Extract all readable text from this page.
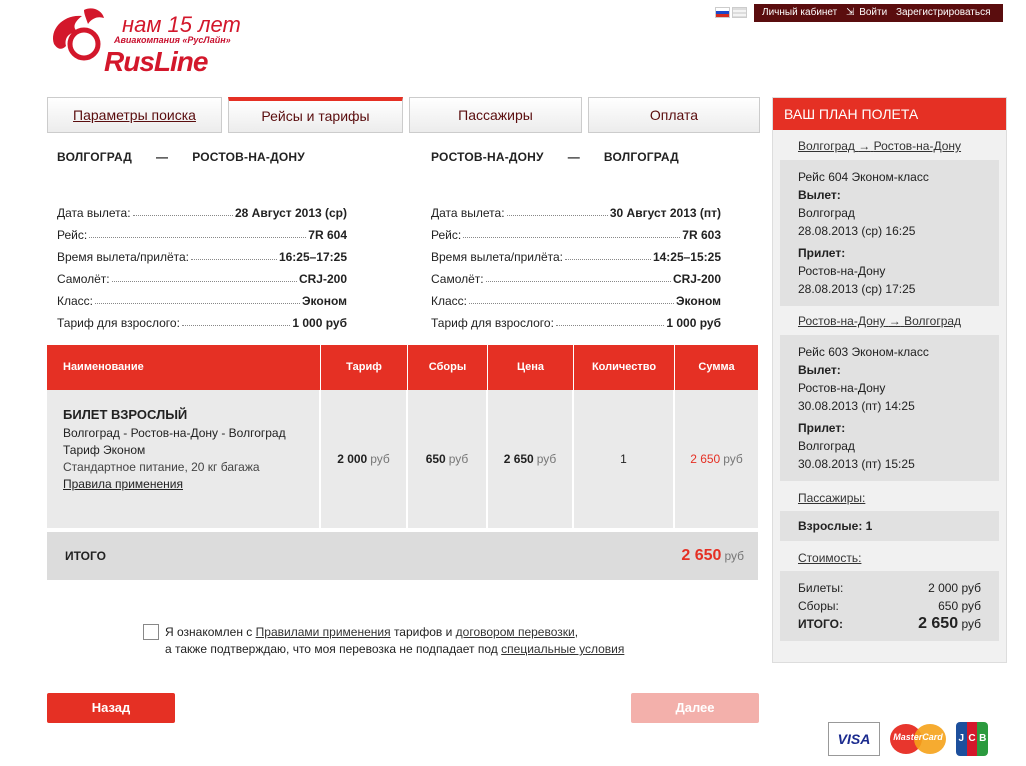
нам 15 лет
Авиакомпания «РусЛайн»
RusLine
Личный кабинет ⇲ Войти Зарегистрироваться
Параметры поиска	Рейсы и тарифы	Пассажиры	Оплата
ВОЛГОГРАД — РОСТОВ-НА-ДОНУ
Дата вылета:	28 Август 2013 (ср)
Рейс:	7R 604
Время вылета/прилёта:	16:25–17:25
Самолёт:	CRJ-200
Класс:	Эконом
Тариф для взрослого:	1 000 руб
РОСТОВ-НА-ДОНУ — ВОЛГОГРАД
Дата вылета:	30 Август 2013 (пт)
Рейс:	7R 603
Время вылета/прилёта:	14:25–15:25
Самолёт:	CRJ-200
Класс:	Эконом
Тариф для взрослого:	1 000 руб
Наименование	Тариф	Сборы	Цена	Количество	Сумма
БИЛЕТ ВЗРОСЛЫЙ
Волгоград - Ростов-на-Дону - Волгоград
Тариф Эконом
Стандартное питание, 20 кг багажа
Правила применения
2 000 руб	650 руб	2 650 руб	1	2 650 руб
ИТОГО	2 650 руб
Я ознакомлен с Правилами применения тарифов и договором перевозки,
а также подтверждаю, что моя перевозка не подпадает под специальные условия
Назад	Далее
ВАШ ПЛАН ПОЛЕТА
Волгоград → Ростов-на-Дону
Рейс 604 Эконом-класс
Вылет:
Волгоград
28.08.2013 (ср) 16:25
Прилет:
Ростов-на-Дону
28.08.2013 (ср) 17:25
Ростов-на-Дону → Волгоград
Рейс 603 Эконом-класс
Вылет:
Ростов-на-Дону
30.08.2013 (пт) 14:25
Прилет:
Волгоград
30.08.2013 (пт) 15:25
Пассажиры:
Взрослые: 1
Стоимость:
Билеты:	2 000 руб
Сборы:	650 руб
ИТОГО:	2 650 руб
VISA	MasterCard	J C B
